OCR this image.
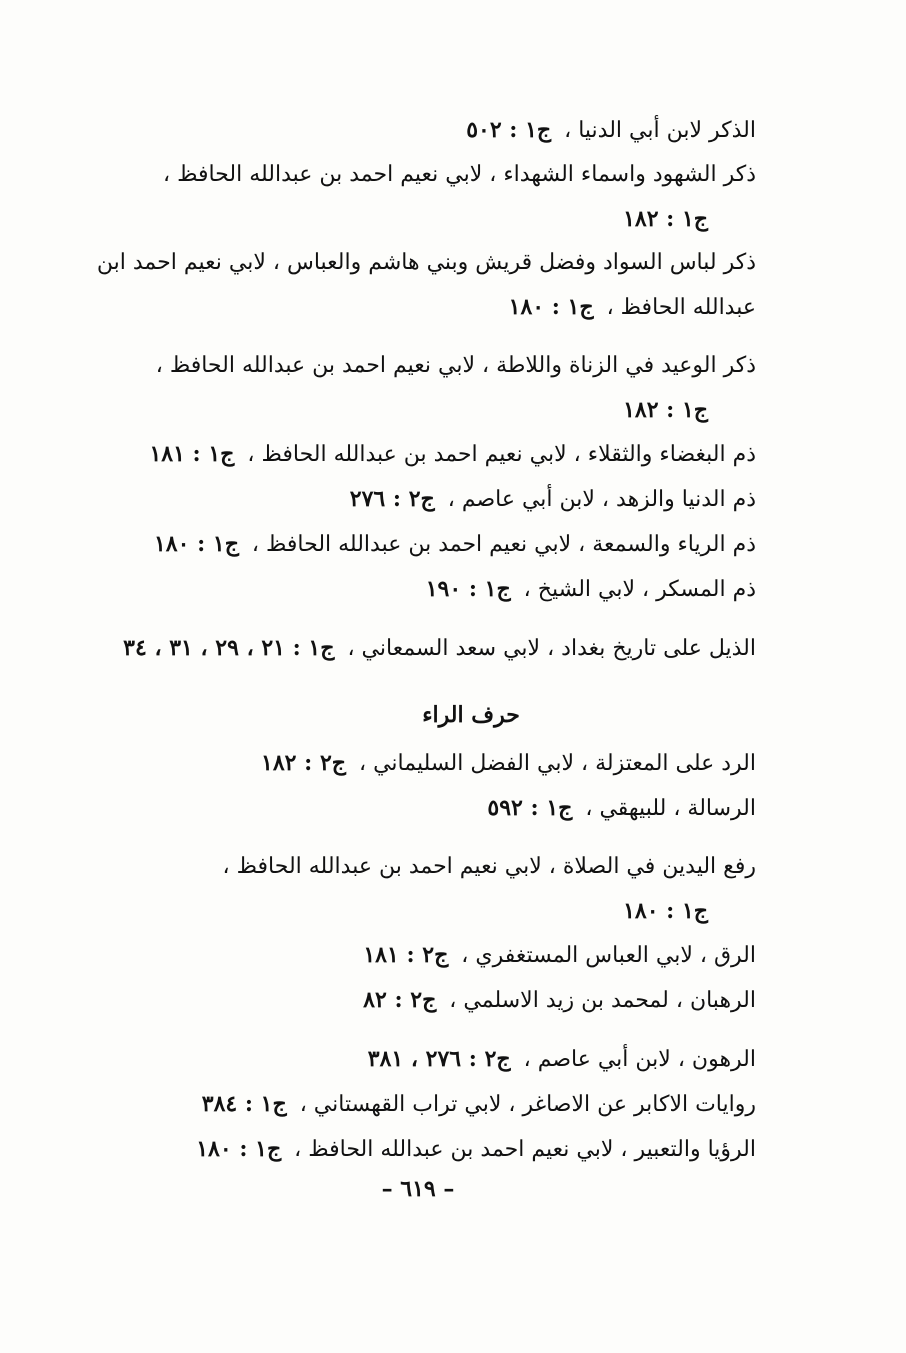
الذكر لابن أبي الدنيا ، ج١ : ٥٠٢

ذكر الشهود واسماء الشهداء ، لابي نعيم احمد بن عبدالله الحافظ ،
ج١ : ١٨٢

ذكر لباس السواد وفضل قريش وبني هاشم والعباس ، لابي نعيم احمد ابن عبدالله الحافظ ، ج١ : ١٨٠

ذكر الوعيد في الزناة واللاطة ، لابي نعيم احمد بن عبدالله الحافظ ،
ج١ : ١٨٢

ذم البغضاء والثقلاء ، لابي نعيم احمد بن عبدالله الحافظ ، ج١ : ١٨١

ذم الدنيا والزهد ، لابن أبي عاصم ، ج٢ : ٢٧٦

ذم الرياء والسمعة ، لابي نعيم احمد بن عبدالله الحافظ ، ج١ : ١٨٠

ذم المسكر ، لابي الشيخ ، ج١ : ١٩٠

الذيل على تاريخ بغداد ، لابي سعد السمعاني ، ج١ : ٢١ ، ٢٩ ، ٣١ ، ٣٤

حرف الراء

الرد على المعتزلة ، لابي الفضل السليماني ، ج٢ : ١٨٢

الرسالة ، للبيهقي ، ج١ : ٥٩٢

رفع اليدين في الصلاة ، لابي نعيم احمد بن عبدالله الحافظ ،
ج١ : ١٨٠

الرق ، لابي العباس المستغفري ، ج٢ : ١٨١

الرهبان ، لمحمد بن زيد الاسلمي ، ج٢ : ٨٢

الرهون ، لابن أبي عاصم ، ج٢ : ٢٧٦ ، ٣٨١

روايات الاكابر عن الاصاغر ، لابي تراب القهستاني ، ج١ : ٣٨٤

الرؤيا والتعبير ، لابي نعيم احمد بن عبدالله الحافظ ، ج١ : ١٨٠

– ٦١٩ –
